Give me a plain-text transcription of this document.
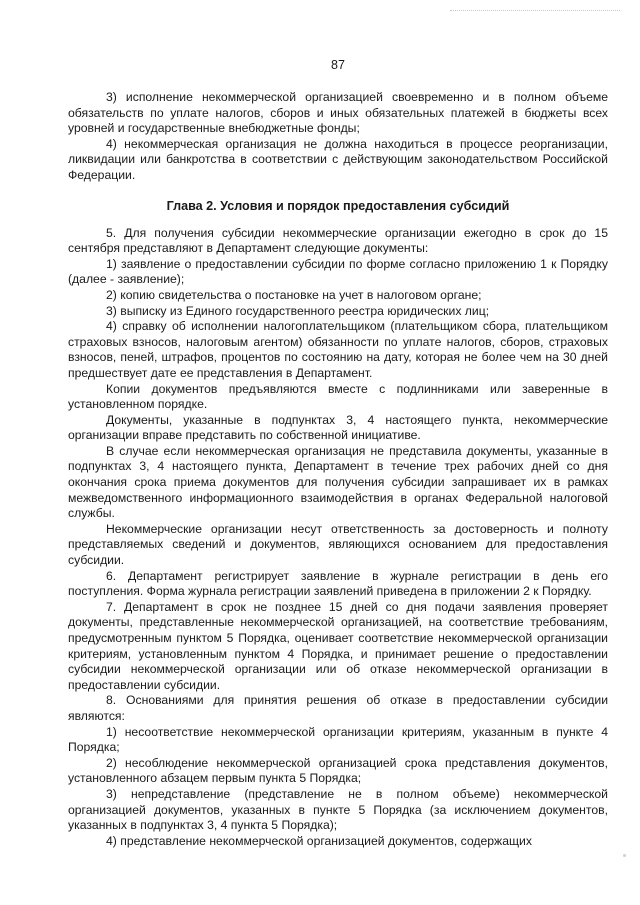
87

3) исполнение некоммерческой организацией своевременно и в полном объеме обязательств по уплате налогов, сборов и иных обязательных платежей в бюджеты всех уровней и государственные внебюджетные фонды;

4) некоммерческая организация не должна находиться в процессе реорганизации, ликвидации или банкротства в соответствии с действующим законодательством Российской Федерации.

Глава 2. Условия и порядок предоставления субсидий

5. Для получения субсидии некоммерческие организации ежегодно в срок до 15 сентября представляют в Департамент следующие документы:

1) заявление о предоставлении субсидии по форме согласно приложению 1 к Порядку (далее - заявление);

2) копию свидетельства о постановке на учет в налоговом органе;

3) выписку из Единого государственного реестра юридических лиц;

4) справку об исполнении налогоплательщиком (плательщиком сбора, плательщиком страховых взносов, налоговым агентом) обязанности по уплате налогов, сборов, страховых взносов, пеней, штрафов, процентов по состоянию на дату, которая не более чем на 30 дней предшествует дате ее представления в Департамент.

Копии документов предъявляются вместе с подлинниками или заверенные в установленном порядке.

Документы, указанные в подпунктах 3, 4 настоящего пункта, некоммерческие организации вправе представить по собственной инициативе.

В случае если некоммерческая организация не представила документы, указанные в подпунктах 3, 4 настоящего пункта, Департамент в течение трех рабочих дней со дня окончания срока приема документов для получения субсидии запрашивает их в рамках межведомственного информационного взаимодействия в органах Федеральной налоговой службы.

Некоммерческие организации несут ответственность за достоверность и полноту представляемых сведений и документов, являющихся основанием для предоставления субсидии.

6. Департамент регистрирует заявление в журнале регистрации в день его поступления. Форма журнала регистрации заявлений приведена в приложении 2 к Порядку.

7. Департамент в срок не позднее 15 дней со дня подачи заявления проверяет документы, представленные некоммерческой организацией, на соответствие требованиям, предусмотренным пунктом 5 Порядка, оценивает соответствие некоммерческой организации критериям, установленным пунктом 4 Порядка, и принимает решение о предоставлении субсидии некоммерческой организации или об отказе некоммерческой организации в предоставлении субсидии.

8. Основаниями для принятия решения об отказе в предоставлении субсидии являются:

1) несоответствие некоммерческой организации критериям, указанным в пункте 4 Порядка;

2) несоблюдение некоммерческой организацией срока представления документов, установленного абзацем первым пункта 5 Порядка;

3) непредставление (представление не в полном объеме) некоммерческой организацией документов, указанных в пункте 5 Порядка (за исключением документов, указанных в подпунктах 3, 4 пункта 5 Порядка);

4) представление некоммерческой организацией документов, содержащих
